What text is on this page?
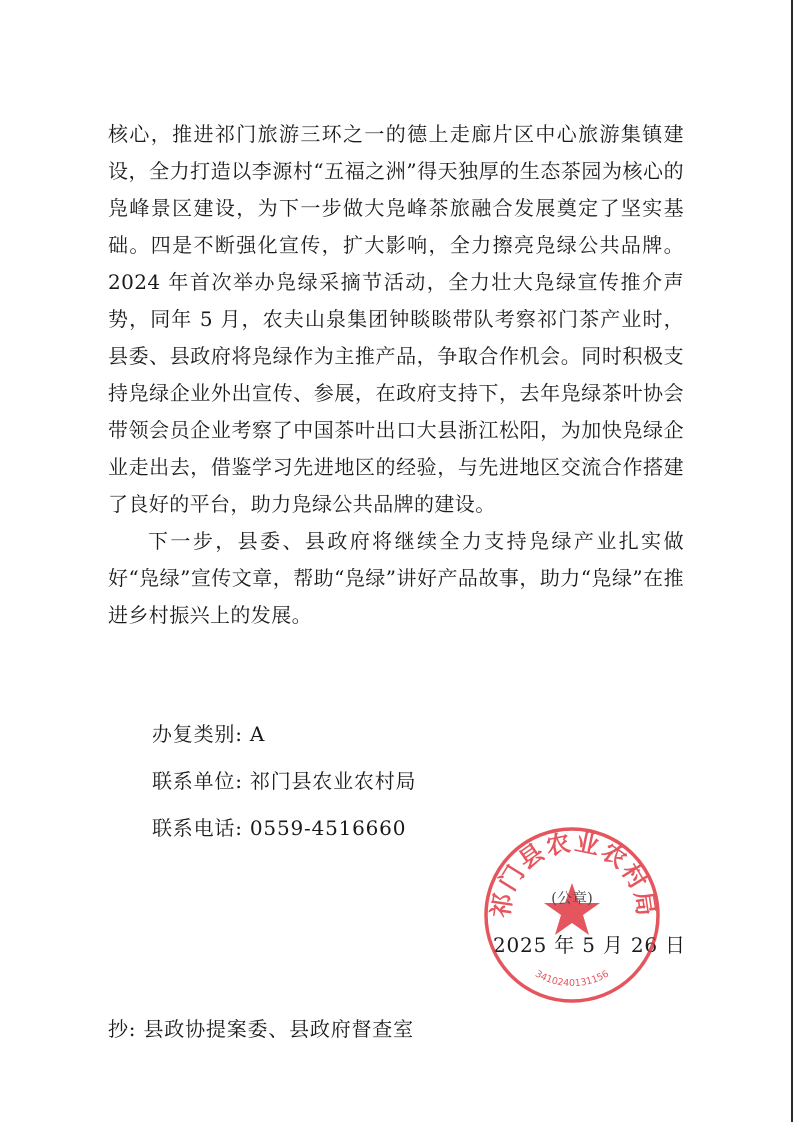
核心，推进祁门旅游三环之一的德上走廊片区中心旅游集镇建设，全力打造以李源村“五福之洲”得天独厚的生态茶园为核心的凫峰景区建设，为下一步做大凫峰茶旅融合发展奠定了坚实基础。四是不断强化宣传，扩大影响，全力擦亮凫绿公共品牌。2024 年首次举办凫绿采摘节活动，全力壮大凫绿宣传推介声势，同年 5 月，农夫山泉集团钟睒睒带队考察祁门茶产业时，县委、县政府将凫绿作为主推产品，争取合作机会。同时积极支持凫绿企业外出宣传、参展，在政府支持下，去年凫绿茶叶协会带领会员企业考察了中国茶叶出口大县浙江松阳，为加快凫绿企业走出去，借鉴学习先进地区的经验，与先进地区交流合作搭建了良好的平台，助力凫绿公共品牌的建设。

下一步，县委、县政府将继续全力支持凫绿产业扎实做好“凫绿”宣传文章，帮助“凫绿”讲好产品故事，助力“凫绿”在推进乡村振兴上的发展。

办复类别: A
联系单位: 祁门县农业农村局
联系电话: 0559-4516660
2025 年 5 月 26 日
祁门县农业农村局
(公章)
3410240131156
抄: 县政协提案委、县政府督查室
